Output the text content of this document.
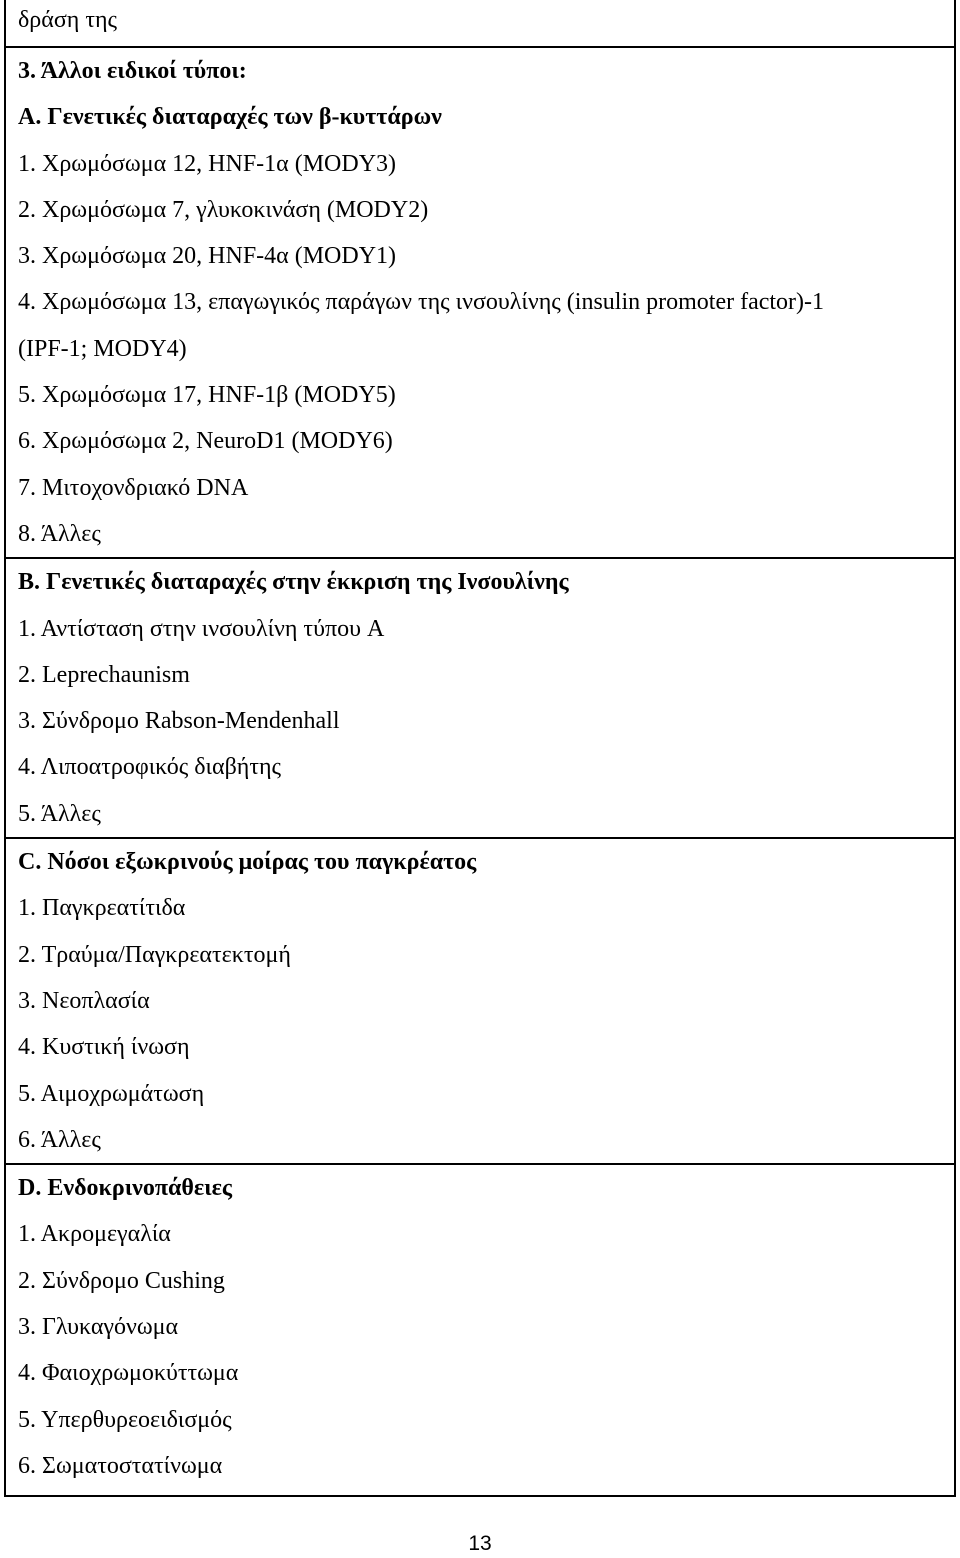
δράση της
3. Άλλοι ειδικοί τύποι:
A. Γενετικές διαταραχές των β-κυττάρων
1. Χρωμόσωμα 12, HNF-1α (MODY3)
2. Χρωμόσωμα 7, γλυκοκινάση (MODY2)
3. Χρωμόσωμα 20, HNF-4α (MODY1)
4. Χρωμόσωμα 13, επαγωγικός παράγων της ινσουλίνης (insulin promoter factor)-1
(IPF-1; MODY4)
5. Χρωμόσωμα 17, HNF-1β (MODY5)
6. Χρωμόσωμα 2, NeuroD1 (MODY6)
7. Μιτοχονδριακό DNA
8. Άλλες
B. Γενετικές διαταραχές στην έκκριση της Ινσουλίνης
1. Αντίσταση στην ινσουλίνη τύπου A
2. Leprechaunism
3. Σύνδρομο Rabson-Mendenhall
4. Λιποατροφικός διαβήτης
5. Άλλες
C. Νόσοι εξωκρινούς μοίρας του παγκρέατος
1. Παγκρεατίτιδα
2. Τραύμα/Παγκρεατεκτομή
3. Νεοπλασία
4. Κυστική ίνωση
5. Αιμοχρωμάτωση
6. Άλλες
D. Ενδοκρινοπάθειες
1. Ακρομεγαλία
2. Σύνδρομο Cushing
3. Γλυκαγόνωμα
4. Φαιοχρωμοκύττωμα
5. Υπερθυρεοειδισμός
6. Σωματοστατίνωμα
13
